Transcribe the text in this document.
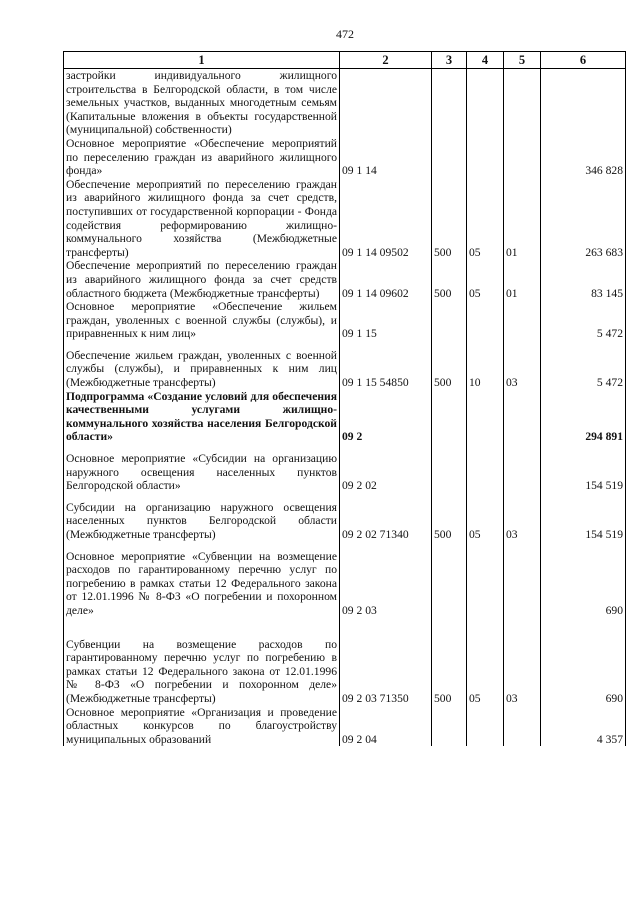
472
1	2	3	4	5	6
застройки индивидуального жилищного строительства в Белгородской области, в том числе земельных участков, выданных многодетным семьям (Капитальные вложения в объекты государственной (муниципальной) собственности)					
Основное мероприятие «Обеспечение мероприятий по переселению граждан из аварийного жилищного фонда»	09 1 14				346 828
Обеспечение мероприятий по переселению граждан из аварийного жилищного фонда за счет средств, поступивших от государственной корпорации - Фонда содействия реформированию жилищно-коммунального хозяйства (Межбюджетные трансферты)	09 1 14 09502	500	05	01	263 683
Обеспечение мероприятий по переселению граждан из аварийного жилищного фонда за счет средств областного бюджета (Межбюджетные трансферты)	09 1 14 09602	500	05	01	83 145
Основное мероприятие «Обеспечение жильем граждан, уволенных с военной службы (службы), и приравненных к ним лиц»	09 1 15				5 472

Обеспечение жильем граждан, уволенных с военной службы (службы), и приравненных к ним лиц (Межбюджетные трансферты)	09 1 15 54850	500	10	03	5 472
Подпрограмма «Создание условий для обеспечения качественными услугами жилищно-коммунального хозяйства населения Белгородской области»	09 2				294 891

Основное мероприятие «Субсидии на организацию наружного освещения населенных пунктов Белгородской области»	09 2 02				154 519

Субсидии на организацию наружного освещения населенных пунктов Белгородской области (Межбюджетные трансферты)	09 2 02 71340	500	05	03	154 519

Основное мероприятие «Субвенции на возмещение расходов по гарантированному перечню услуг по погребению в рамках статьи 12 Федерального закона от 12.01.1996 № 8-ФЗ «О погребении и похоронном деле»	09 2 03				690

Субвенции на возмещение расходов по гарантированному перечню услуг по погребению в рамках статьи 12 Федерального закона от 12.01.1996 № 8-ФЗ «О погребении и похоронном деле» (Межбюджетные трансферты)	09 2 03 71350	500	05	03	690
Основное мероприятие «Организация и проведение областных конкурсов по благоустройству муниципальных образований	09 2 04				4 357
